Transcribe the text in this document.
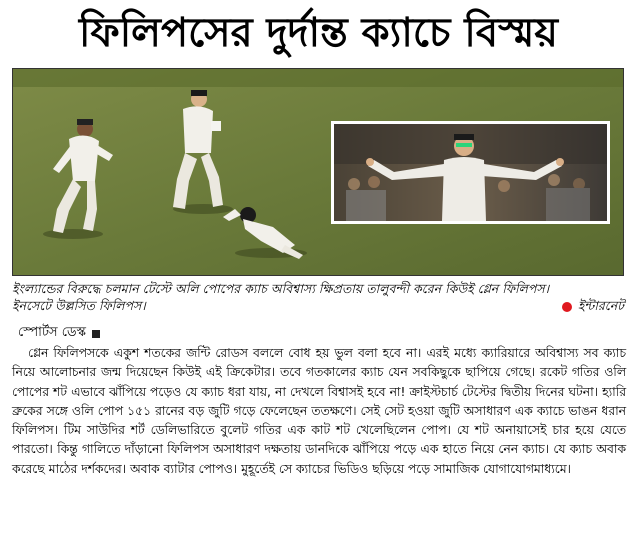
ফিলিপসের দুর্দান্ত ক্যাচে বিস্ময়
ইংল্যান্ডের বিরুদ্ধে চলমান টেস্টে অলি পোপের ক্যাচ অবিশ্বাস্য ক্ষিপ্রতায় তালুবন্দী করেন কিউই গ্লেন ফিলিপস।
ইনসেটে উল্লসিত ফিলিপস।	ইন্টারনেট
স্পোর্টস ডেস্ক
গ্লেন ফিলিপসকে একুশ শতকের জন্টি রোডস বললে বোধ হয় ভুল বলা হবে না। এরই মধ্যে ক্যারিয়ারে অবিশ্বাস্য সব ক্যাচ নিয়ে আলোচনার জন্ম দিয়েছেন কিউই এই ক্রিকেটার। তবে গতকালের ক্যাচ যেন সবকিছুকে ছাপিয়ে গেছে। রকেট গতির ওলি পোপের শট এভাবে ঝাঁপিয়ে পড়েও যে ক্যাচ ধরা যায়, না দেখলে বিশ্বাসই হবে না! ক্রাইস্টচার্চ টেস্টের দ্বিতীয় দিনের ঘটনা। হ্যারি ব্রুকের সঙ্গে ওলি পোপ ১৫১ রানের বড় জুটি গড়ে ফেলেছেন ততক্ষণে। সেই সেট হওয়া জুটি অসাধারণ এক ক্যাচে ভাঙন ধরান ফিলিপস। টিম সাউদির শর্ট ডেলিভারিতে বুলেট গতির এক কাট শট খেলেছিলেন পোপ। যে শট অনায়াসেই চার হয়ে যেতে পারতো। কিন্তু গালিতে দাঁড়ানো ফিলিপস অসাধারণ দক্ষতায় ডানদিকে ঝাঁপিয়ে পড়ে এক হাতে নিয়ে নেন ক্যাচ। যে ক্যাচ অবাক করেছে মাঠের দর্শকদের। অবাক ব্যাটার পোপও। মুহূর্তেই সে ক্যাচের ভিডিও ছড়িয়ে পড়ে সামাজিক যোগাযোগমাধ্যমে।
